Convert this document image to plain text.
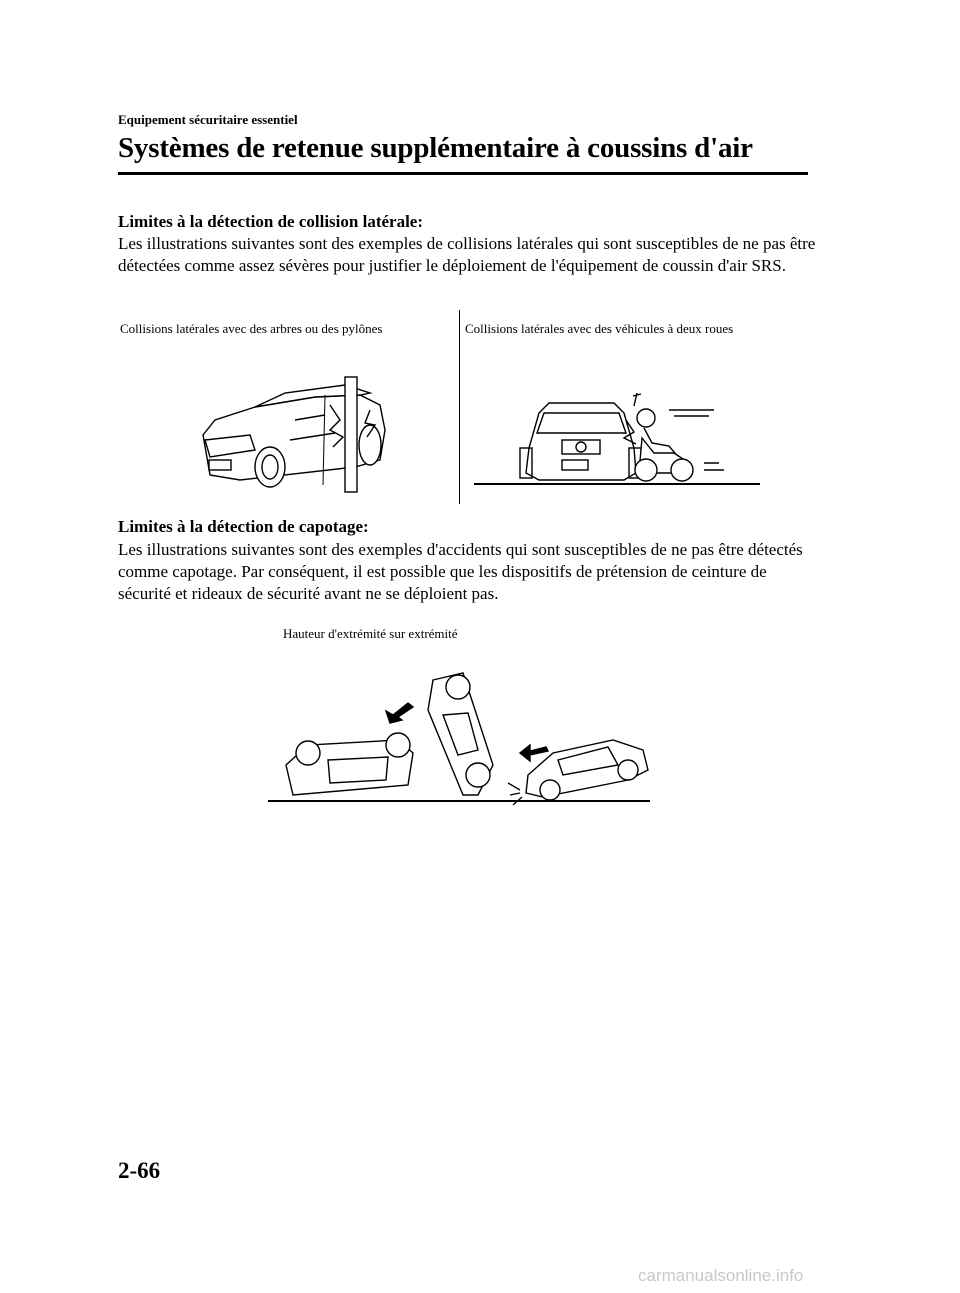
Equipement sécuritaire essentiel
Systèmes de retenue supplémentaire à coussins d'air
Limites à la détection de collision latérale:
Les illustrations suivantes sont des exemples de collisions latérales qui sont susceptibles de ne pas être détectées comme assez sévères pour justifier le déploiement de l'équipement de coussin d'air SRS.
Collisions latérales avec des arbres ou des pylônes	Collisions latérales avec des véhicules à deux roues
Limites à la détection de capotage:
Les illustrations suivantes sont des exemples d'accidents qui sont susceptibles de ne pas être détectés comme capotage. Par conséquent, il est possible que les dispositifs de prétension de ceinture de sécurité et rideaux de sécurité avant ne se déploient pas.
Hauteur d'extrémité sur extrémité
2-66
carmanualsonline.info
